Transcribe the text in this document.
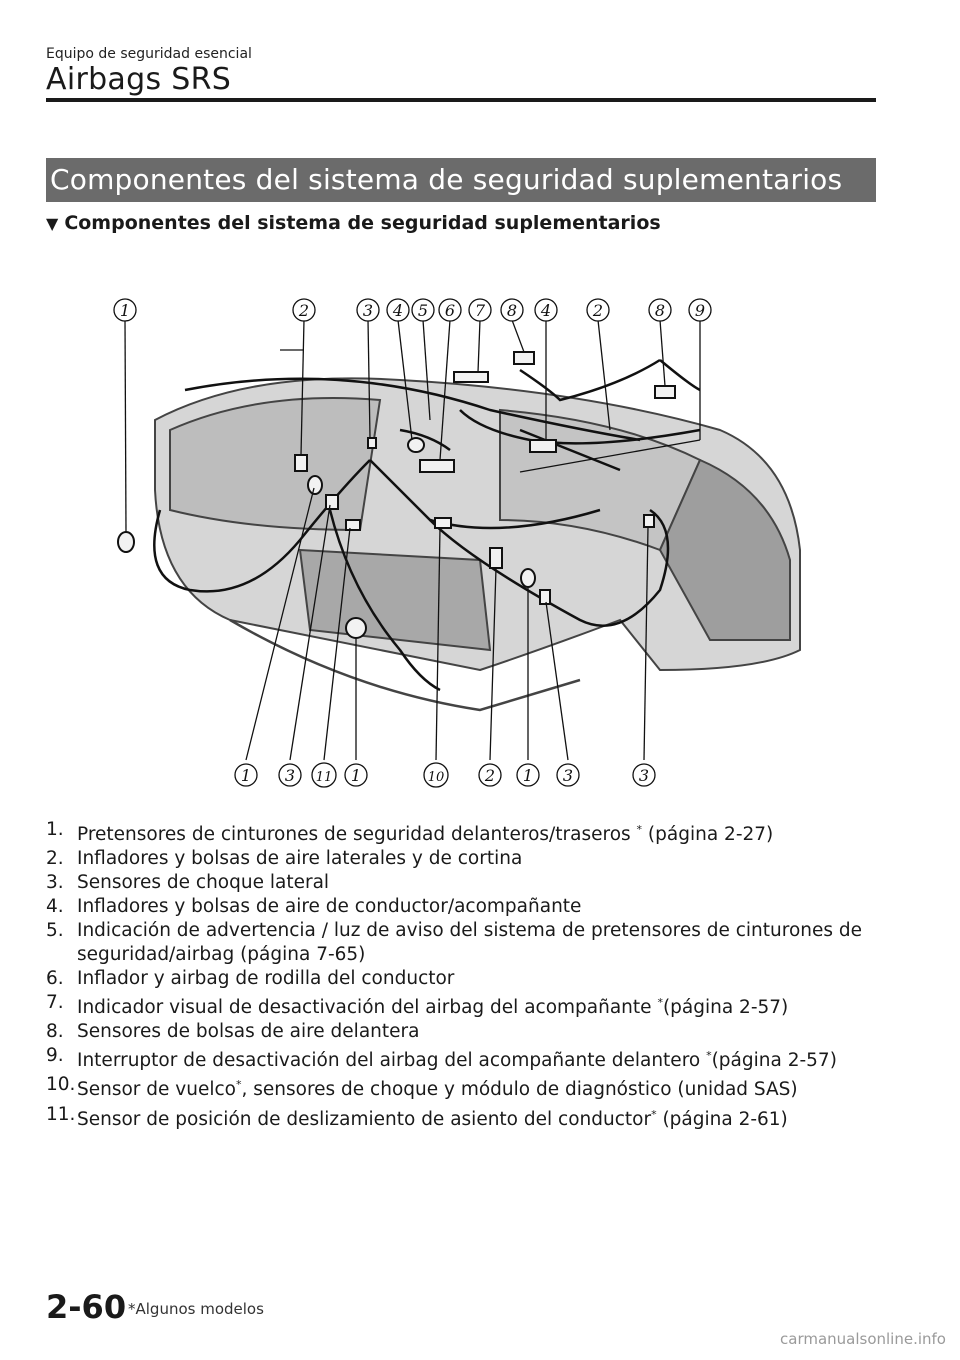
Equipo de seguridad esencial
Airbags SRS
Componentes del sistema de seguridad suplementarios
▼ Componentes del sistema de seguridad suplementarios
1	2	3 4 5 6 7 8 4	2	8 9
1 3 11 1	10	2 1 3	3
1. Pretensores de cinturones de seguridad delanteros/traseros * (página 2-27)
2. Infladores y bolsas de aire laterales y de cortina
3. Sensores de choque lateral
4. Infladores y bolsas de aire de conductor/acompañante
5. Indicación de advertencia / luz de aviso del sistema de pretensores de cinturones de seguridad/airbag (página 7-65)
6. Inflador y airbag de rodilla del conductor
7. Indicador visual de desactivación del airbag del acompañante *(página 2-57)
8. Sensores de bolsas de aire delantera
9. Interruptor de desactivación del airbag del acompañante delantero *(página 2-57)
10. Sensor de vuelco*, sensores de choque y módulo de diagnóstico (unidad SAS)
11. Sensor de posición de deslizamiento de asiento del conductor* (página 2-61)
2-60 *Algunos modelos
carmanualsonline.info
